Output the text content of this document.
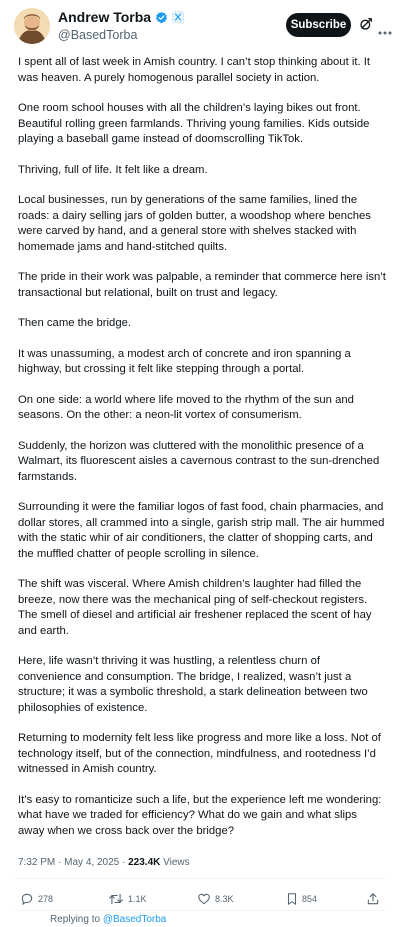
Andrew Torba
@BasedTorba
Subscribe

I spent all of last week in Amish country. I can’t stop thinking about it. It was heaven. A purely homogenous parallel society in action.

One room school houses with all the children’s laying bikes out front. Beautiful rolling green farmlands. Thriving young families. Kids outside playing a baseball game instead of doomscrolling TikTok.

Thriving, full of life. It felt like a dream.

Local businesses, run by generations of the same families, lined the roads: a dairy selling jars of golden butter, a woodshop where benches were carved by hand, and a general store with shelves stacked with homemade jams and hand-stitched quilts.

The pride in their work was palpable, a reminder that commerce here isn’t transactional but relational, built on trust and legacy.

Then came the bridge.

It was unassuming, a modest arch of concrete and iron spanning a highway, but crossing it felt like stepping through a portal.

On one side: a world where life moved to the rhythm of the sun and seasons. On the other: a neon-lit vortex of consumerism.

Suddenly, the horizon was cluttered with the monolithic presence of a Walmart, its fluorescent aisles a cavernous contrast to the sun-drenched farmstands.

Surrounding it were the familiar logos of fast food, chain pharmacies, and dollar stores, all crammed into a single, garish strip mall. The air hummed with the static whir of air conditioners, the clatter of shopping carts, and the muffled chatter of people scrolling in silence.

The shift was visceral. Where Amish children’s laughter had filled the breeze, now there was the mechanical ping of self-checkout registers. The smell of diesel and artificial air freshener replaced the scent of hay and earth.

Here, life wasn’t thriving it was hustling, a relentless churn of convenience and consumption. The bridge, I realized, wasn’t just a structure; it was a symbolic threshold, a stark delineation between two philosophies of existence.

Returning to modernity felt less like progress and more like a loss. Not of technology itself, but of the connection, mindfulness, and rootedness I’d witnessed in Amish country.

It’s easy to romanticize such a life, but the experience left me wondering: what have we traded for efficiency? What do we gain and what slips away when we cross back over the bridge?

7:32 PM · May 4, 2025 · 223.4K Views
278	1.1K	8.3K	854
Replying to @BasedTorba
